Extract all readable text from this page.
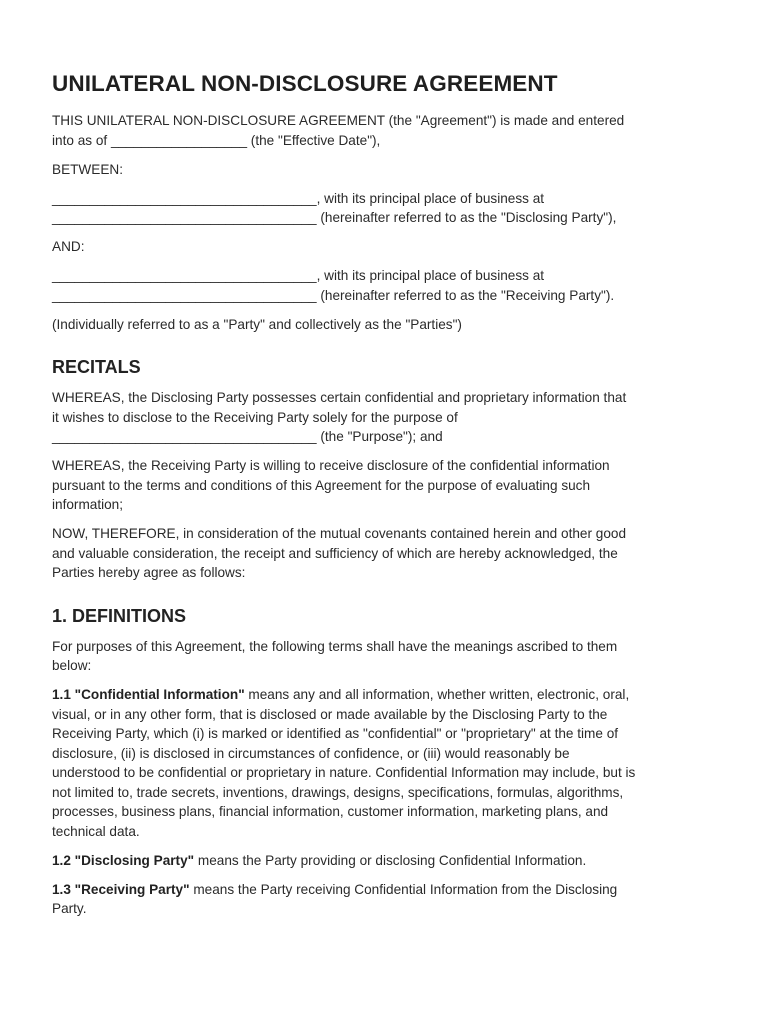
UNILATERAL NON-DISCLOSURE AGREEMENT

THIS UNILATERAL NON-DISCLOSURE AGREEMENT (the "Agreement") is made and entered
into as of __________________ (the "Effective Date"),

BETWEEN:

___________________________________, with its principal place of business at
___________________________________ (hereinafter referred to as the "Disclosing Party"),

AND:

___________________________________, with its principal place of business at
___________________________________ (hereinafter referred to as the "Receiving Party").

(Individually referred to as a "Party" and collectively as the "Parties")

RECITALS

WHEREAS, the Disclosing Party possesses certain confidential and proprietary information that
it wishes to disclose to the Receiving Party solely for the purpose of
___________________________________ (the "Purpose"); and

WHEREAS, the Receiving Party is willing to receive disclosure of the confidential information
pursuant to the terms and conditions of this Agreement for the purpose of evaluating such
information;

NOW, THEREFORE, in consideration of the mutual covenants contained herein and other good
and valuable consideration, the receipt and sufficiency of which are hereby acknowledged, the
Parties hereby agree as follows:

1. DEFINITIONS

For purposes of this Agreement, the following terms shall have the meanings ascribed to them
below:

1.1 "Confidential Information" means any and all information, whether written, electronic, oral,
visual, or in any other form, that is disclosed or made available by the Disclosing Party to the
Receiving Party, which (i) is marked or identified as "confidential" or "proprietary" at the time of
disclosure, (ii) is disclosed in circumstances of confidence, or (iii) would reasonably be
understood to be confidential or proprietary in nature. Confidential Information may include, but is
not limited to, trade secrets, inventions, drawings, designs, specifications, formulas, algorithms,
processes, business plans, financial information, customer information, marketing plans, and
technical data.

1.2 "Disclosing Party" means the Party providing or disclosing Confidential Information.

1.3 "Receiving Party" means the Party receiving Confidential Information from the Disclosing
Party.
